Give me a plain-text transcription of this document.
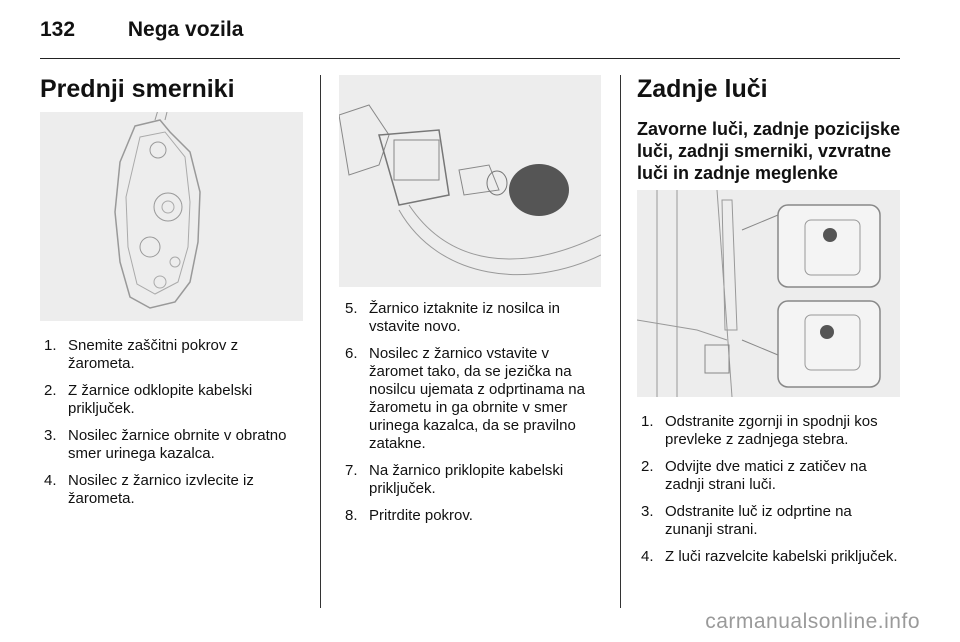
132	Nega vozila
Prednji smerniki
1. Snemite zaščitni pokrov z žarometa.
2. Z žarnice odklopite kabelski priključek.
3. Nosilec žarnice obrnite v obratno smer urinega kazalca.
4. Nosilec z žarnico izvlecite iz žarometa.
5. Žarnico iztaknite iz nosilca in vstavite novo.
6. Nosilec z žarnico vstavite v žaromet tako, da se jezička na nosilcu ujemata z odprtinama na žarometu in ga obrnite v smer urinega kazalca, da se pravilno zatakne.
7. Na žarnico priklopite kabelski priključek.
8. Pritrdite pokrov.
Zadnje luči
Zavorne luči, zadnje pozicijske luči, zadnji smerniki, vzvratne luči in zadnje meglenke
1. Odstranite zgornji in spodnji kos prevleke z zadnjega stebra.
2. Odvijte dve matici z zatičev na zadnji strani luči.
3. Odstranite luč iz odprtine na zunanji strani.
4. Z luči razvelcite kabelski priključek.
carmanualsonline.info
